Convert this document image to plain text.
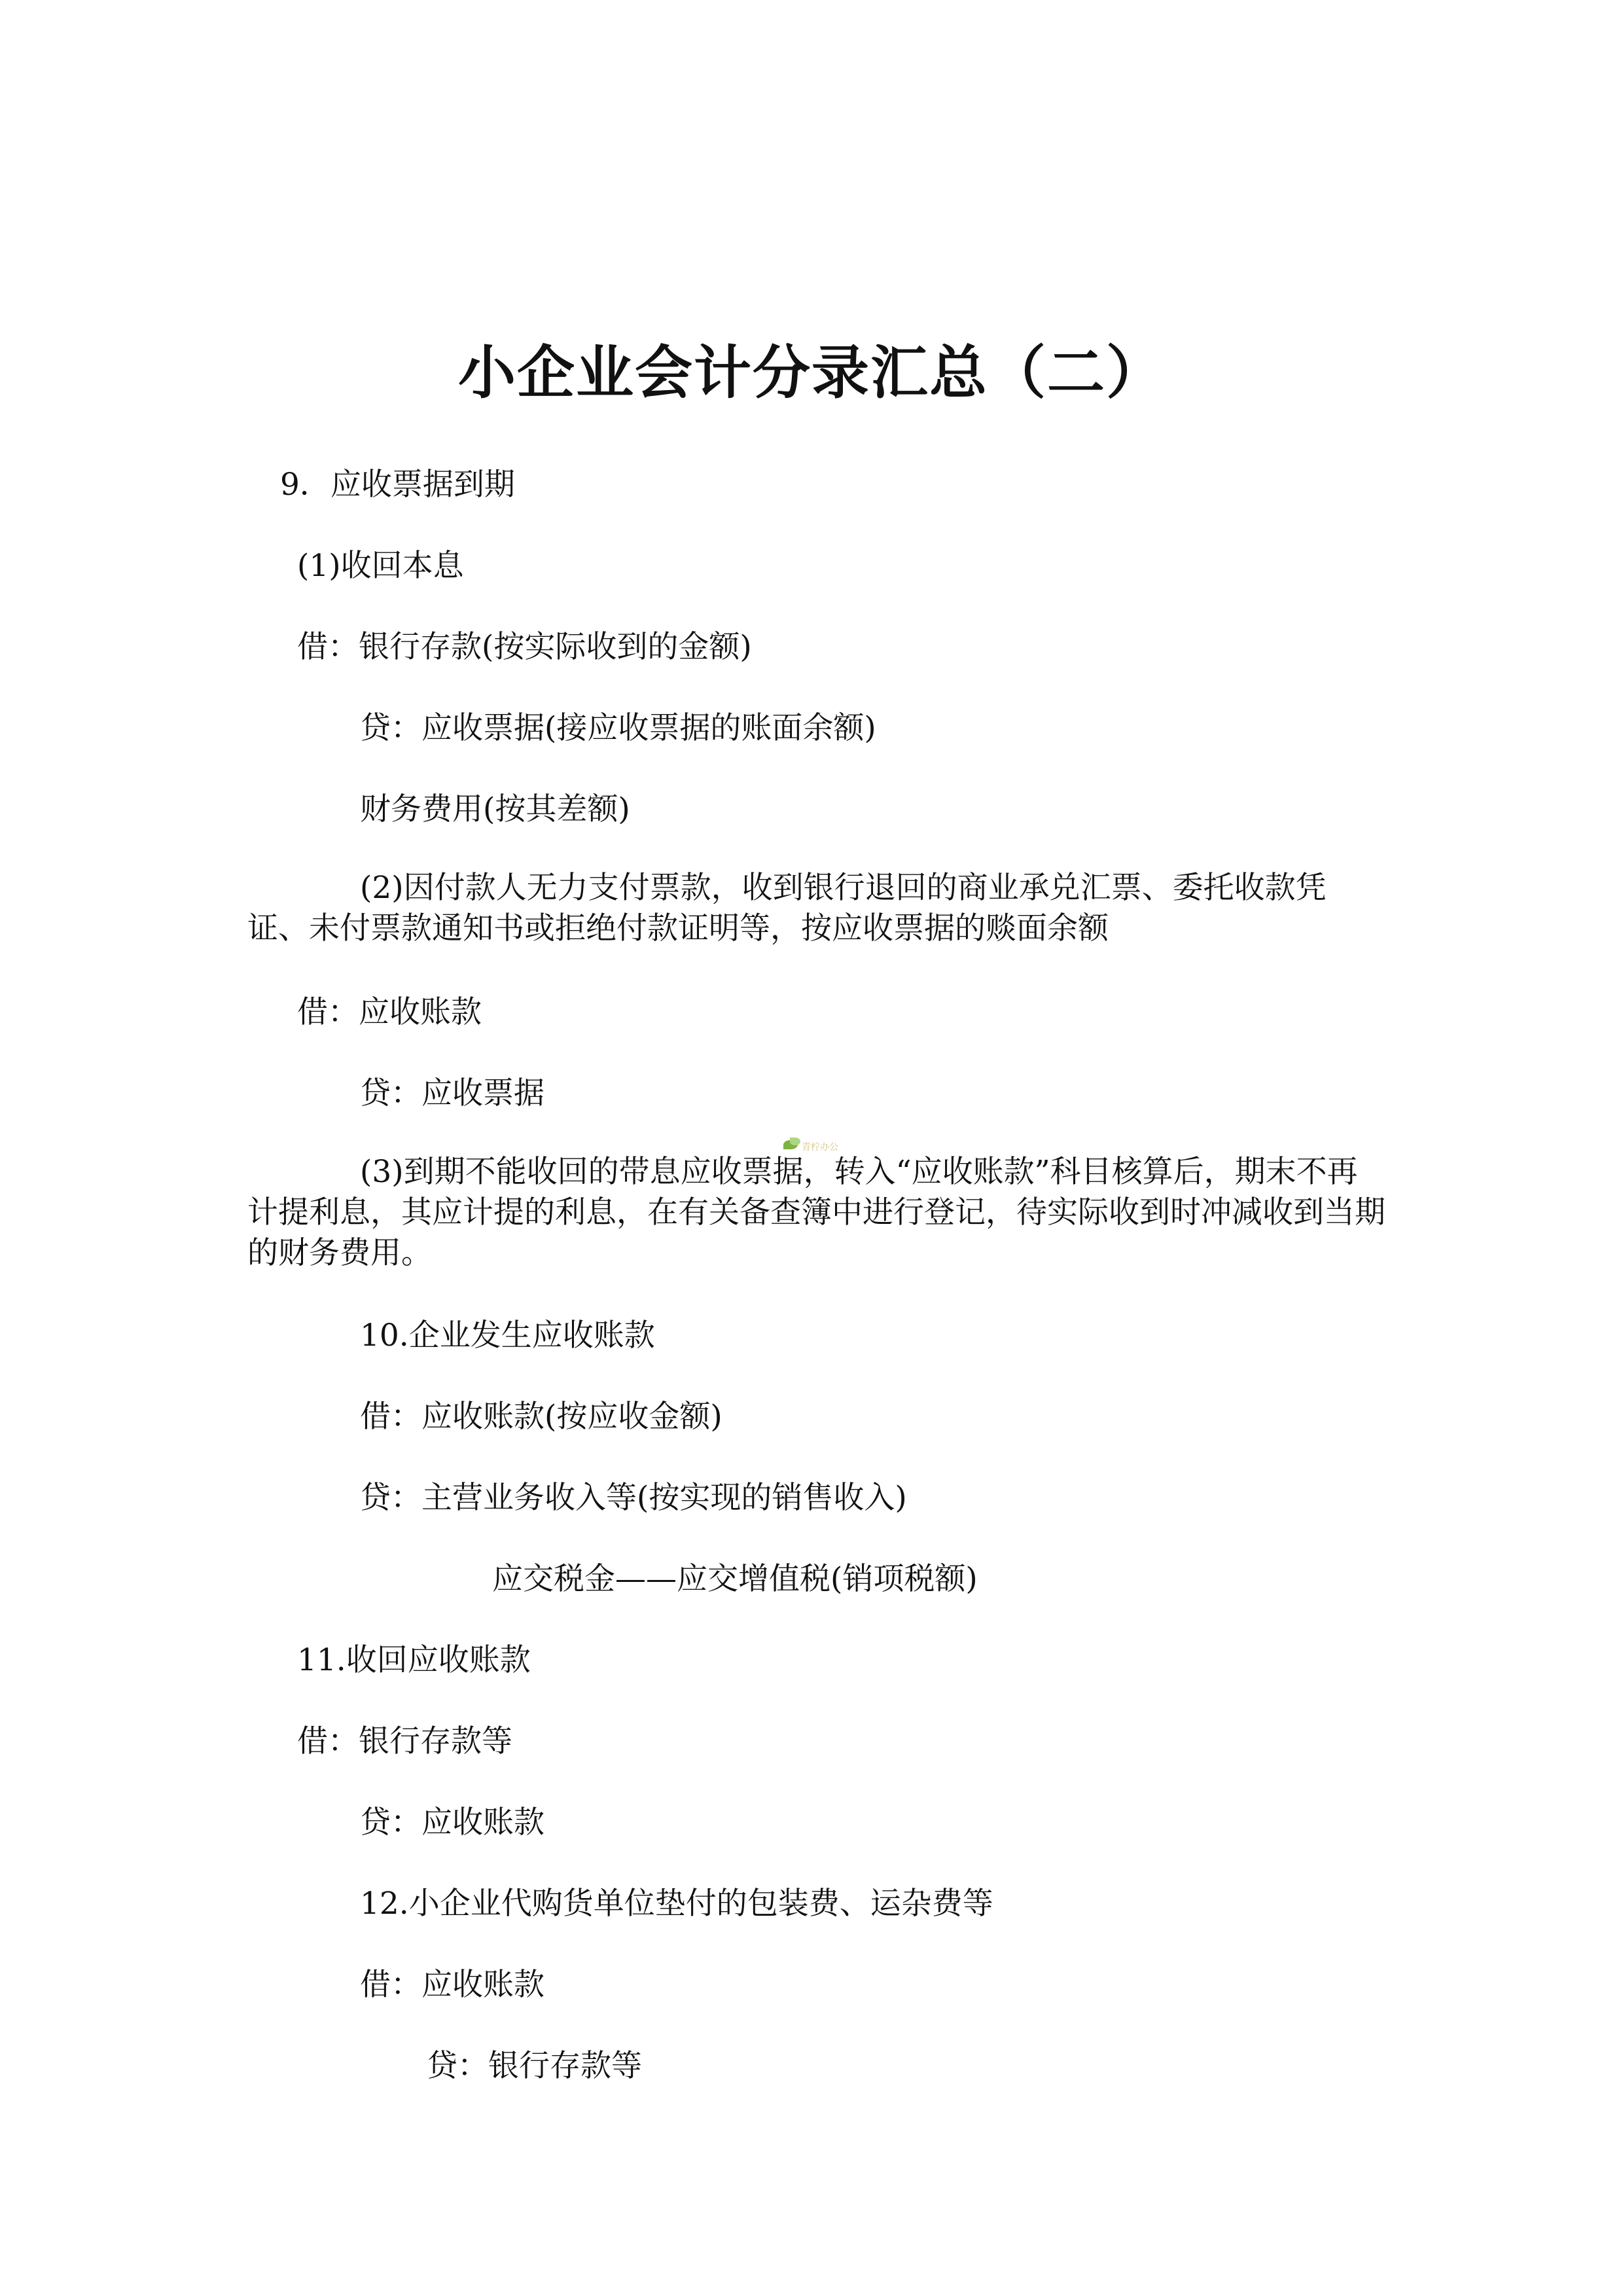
小企业会计分录汇总（二）
9．应收票据到期
(1)收回本息
借：银行存款(按实际收到的金额)
贷：应收票据(接应收票据的账面余额)
财务费用(按其差额)
(2)因付款人无力支付票款，收到银行退回的商业承兑汇票、委托收款凭证、未付票款通知书或拒绝付款证明等，按应收票据的赕面余额
借：应收账款
贷：应收票据
(3)到期不能收回的带息应收票据，转入“应收账款”科目核算后，期末不再计提利息，其应计提的利息，在有关备查簿中进行登记，待实际收到时冲减收到当期的财务费用。
青柠办公
10.企业发生应收账款
借：应收账款(按应收金额)
贷：主营业务收入等(按实现的销售收入)
应交税金——应交增值税(销项税额)
11.收回应收账款
借：银行存款等
贷：应收账款
12.小企业代购货单位垫付的包装费、运杂费等
借：应收账款
贷：银行存款等
